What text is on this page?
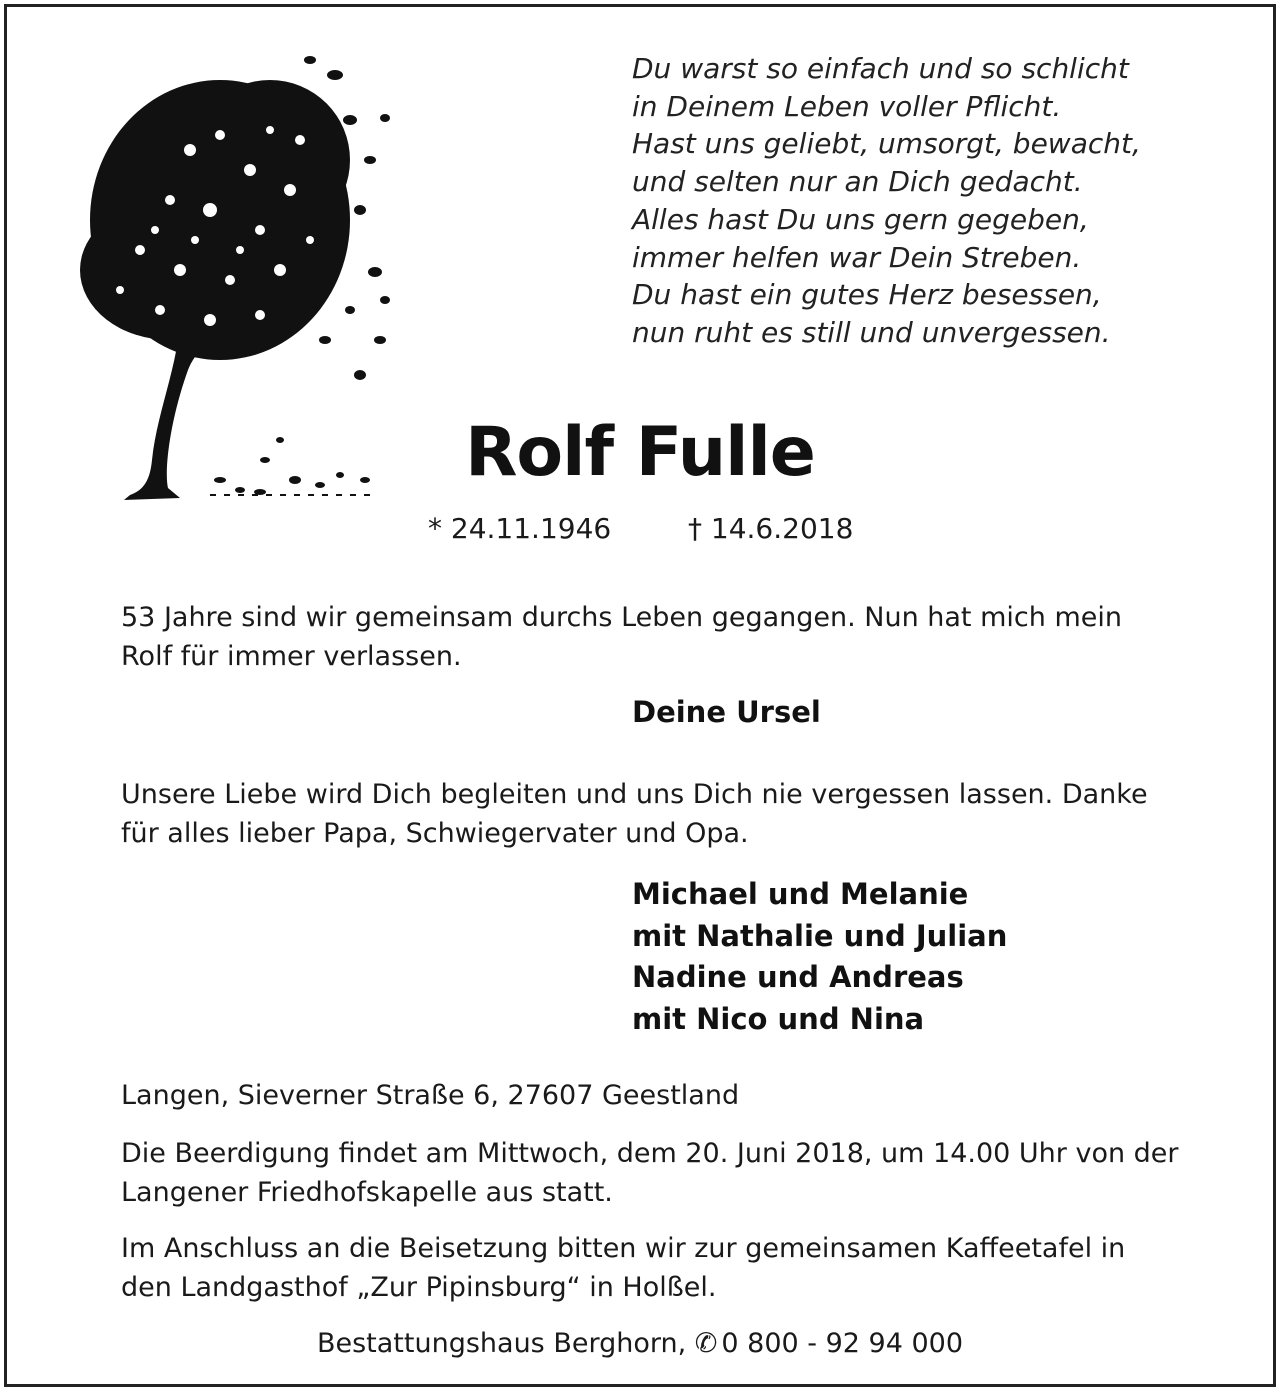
Du warst so einfach und so schlicht
in Deinem Leben voller Pflicht.
Hast uns geliebt, umsorgt, bewacht,
und selten nur an Dich gedacht.
Alles hast Du uns gern gegeben,
immer helfen war Dein Streben.
Du hast ein gutes Herz besessen,
nun ruht es still und unvergessen.
Rolf Fulle
* 24.11.1946	† 14.6.2018
53 Jahre sind wir gemeinsam durchs Leben gegangen. Nun hat mich mein Rolf für immer verlassen.
Deine Ursel
Unsere Liebe wird Dich begleiten und uns Dich nie vergessen lassen. Danke für alles lieber Papa, Schwiegervater und Opa.
Michael und Melanie
mit Nathalie und Julian
Nadine und Andreas
mit Nico und Nina
Langen, Sieverner Straße 6, 27607 Geestland
Die Beerdigung findet am Mittwoch, dem 20. Juni 2018, um 14.00 Uhr von der Langener Friedhofskapelle aus statt.
Im Anschluss an die Beisetzung bitten wir zur gemeinsamen Kaffeetafel in den Landgasthof „Zur Pipinsburg“ in Holßel.
Bestattungshaus Berghorn, ✆ 0 800 - 92 94 000
